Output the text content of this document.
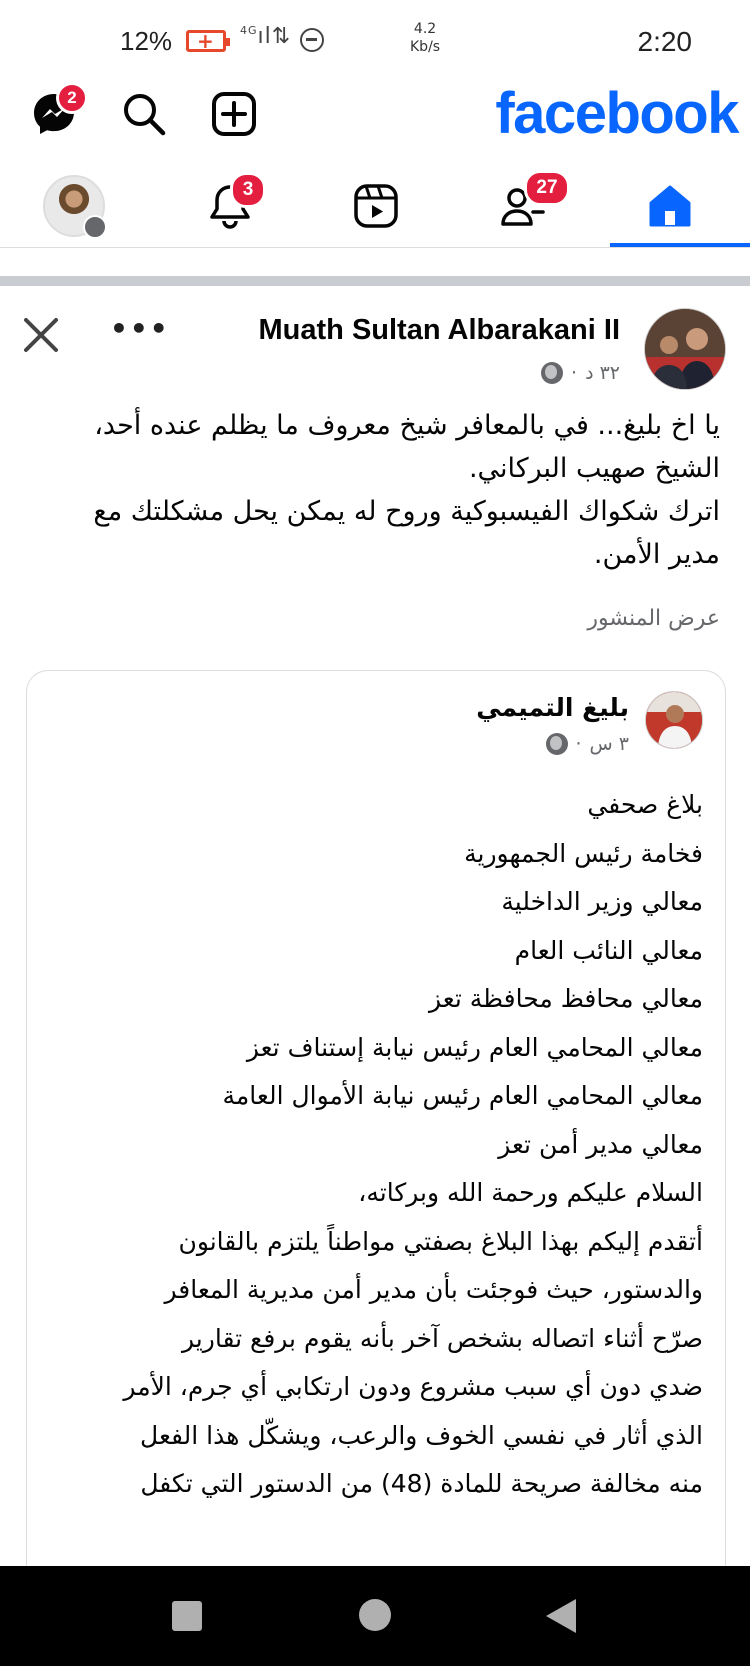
12% + $^{4G}$ıl⇅	4.2
Kb/s	2:20
2	facebook
3	27
•••	Muath Sultan Albarakani II
٣٢ د
·
يا اخ بليغ... في بالمعافر شيخ معروف ما يظلم عنده أحد،
الشيخ صهيب البركاني.
اترك شكواك الفيسبوكية وروح له يمكن يحل مشكلتك مع
مدير الأمن.
عرض المنشور
بليغ التميمي
٣ س
·
بلاغ صحفي
فخامة رئيس الجمهورية
معالي وزير الداخلية
معالي النائب العام
معالي محافظ محافظة تعز
معالي المحامي العام رئيس نيابة إستناف تعز
معالي المحامي العام رئيس نيابة الأموال العامة
معالي مدير أمن تعز
السلام عليكم ورحمة الله وبركاته،
أتقدم إليكم بهذا البلاغ بصفتي مواطناً يلتزم بالقانون
والدستور، حيث فوجئت بأن مدير أمن مديرية المعافر
صرّح أثناء اتصاله بشخص آخر بأنه يقوم برفع تقارير
ضدي دون أي سبب مشروع ودون ارتكابي أي جرم، الأمر
الذي أثار في نفسي الخوف والرعب، ويشكّل هذا الفعل
منه مخالفة صريحة للمادة (48) من الدستور التي تكفل
